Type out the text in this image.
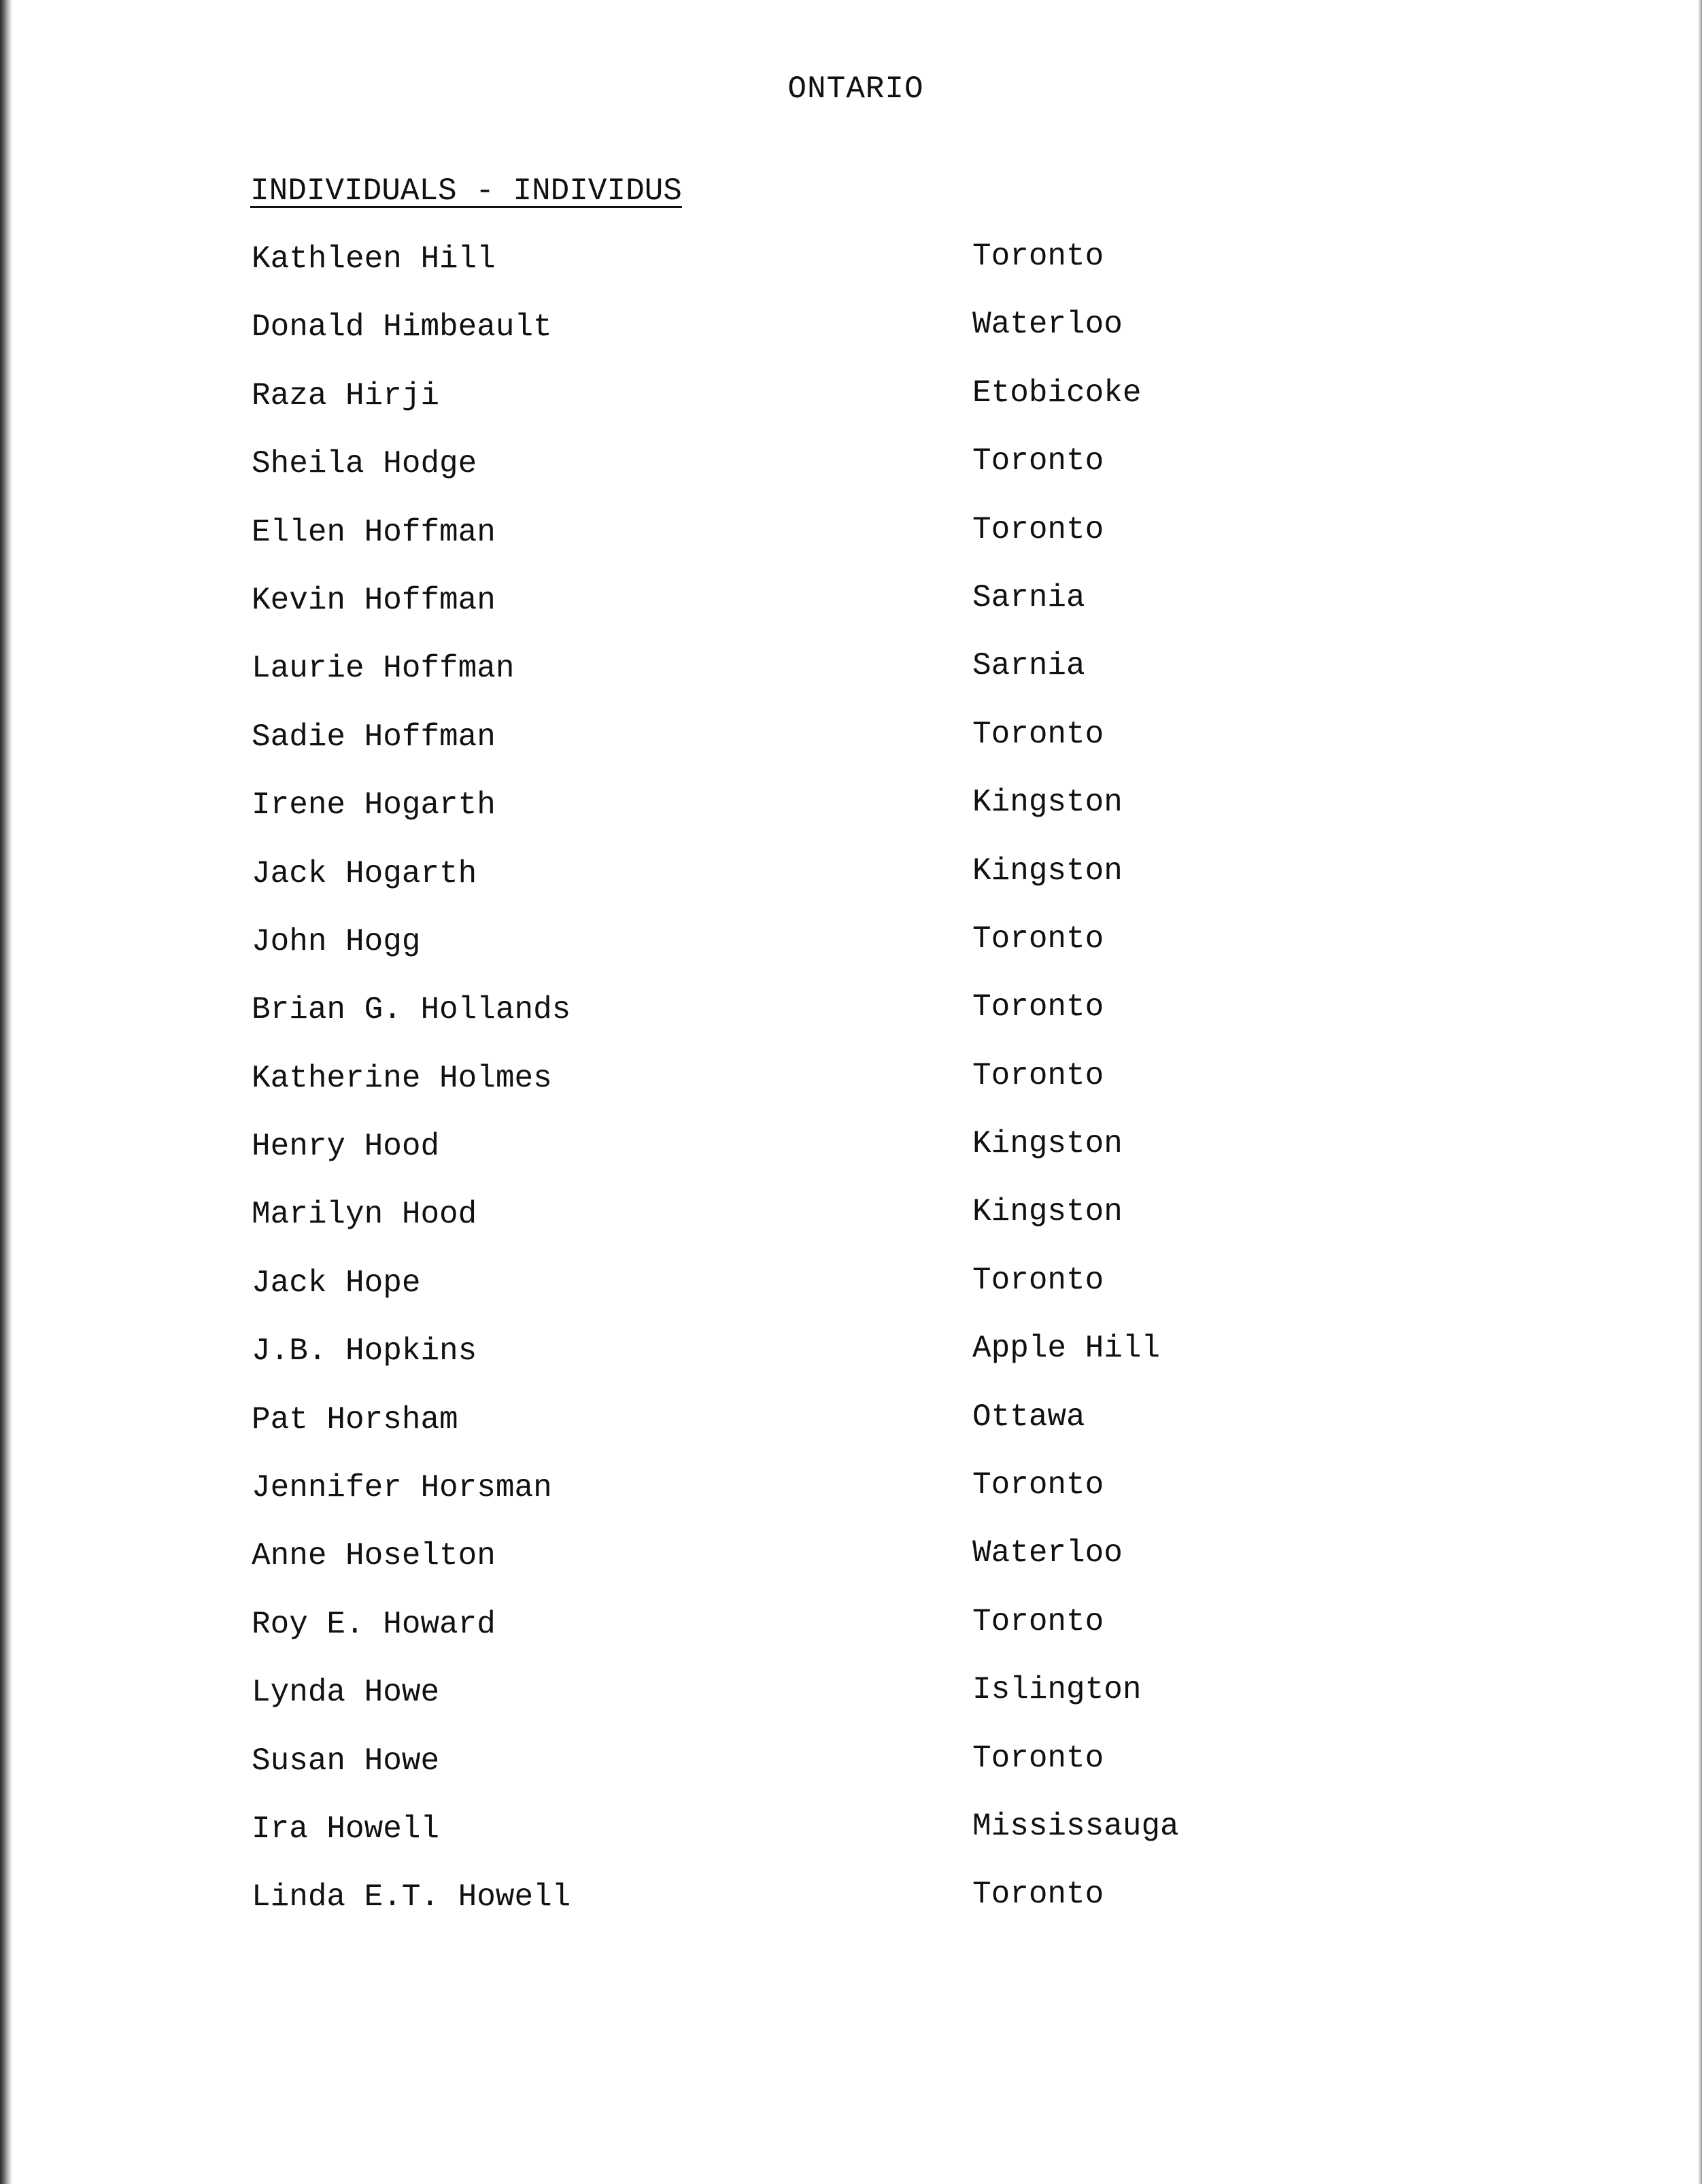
ONTARIO
INDIVIDUALS - INDIVIDUS
Kathleen Hill	Toronto
Donald Himbeault	Waterloo
Raza Hirji	Etobicoke
Sheila Hodge	Toronto
Ellen Hoffman	Toronto
Kevin Hoffman	Sarnia
Laurie Hoffman	Sarnia
Sadie Hoffman	Toronto
Irene Hogarth	Kingston
Jack Hogarth	Kingston
John Hogg	Toronto
Brian G. Hollands	Toronto
Katherine Holmes	Toronto
Henry Hood	Kingston
Marilyn Hood	Kingston
Jack Hope	Toronto
J.B. Hopkins	Apple Hill
Pat Horsham	Ottawa
Jennifer Horsman	Toronto
Anne Hoselton	Waterloo
Roy E. Howard	Toronto
Lynda Howe	Islington
Susan Howe	Toronto
Ira Howell	Mississauga
Linda E.T. Howell	Toronto
